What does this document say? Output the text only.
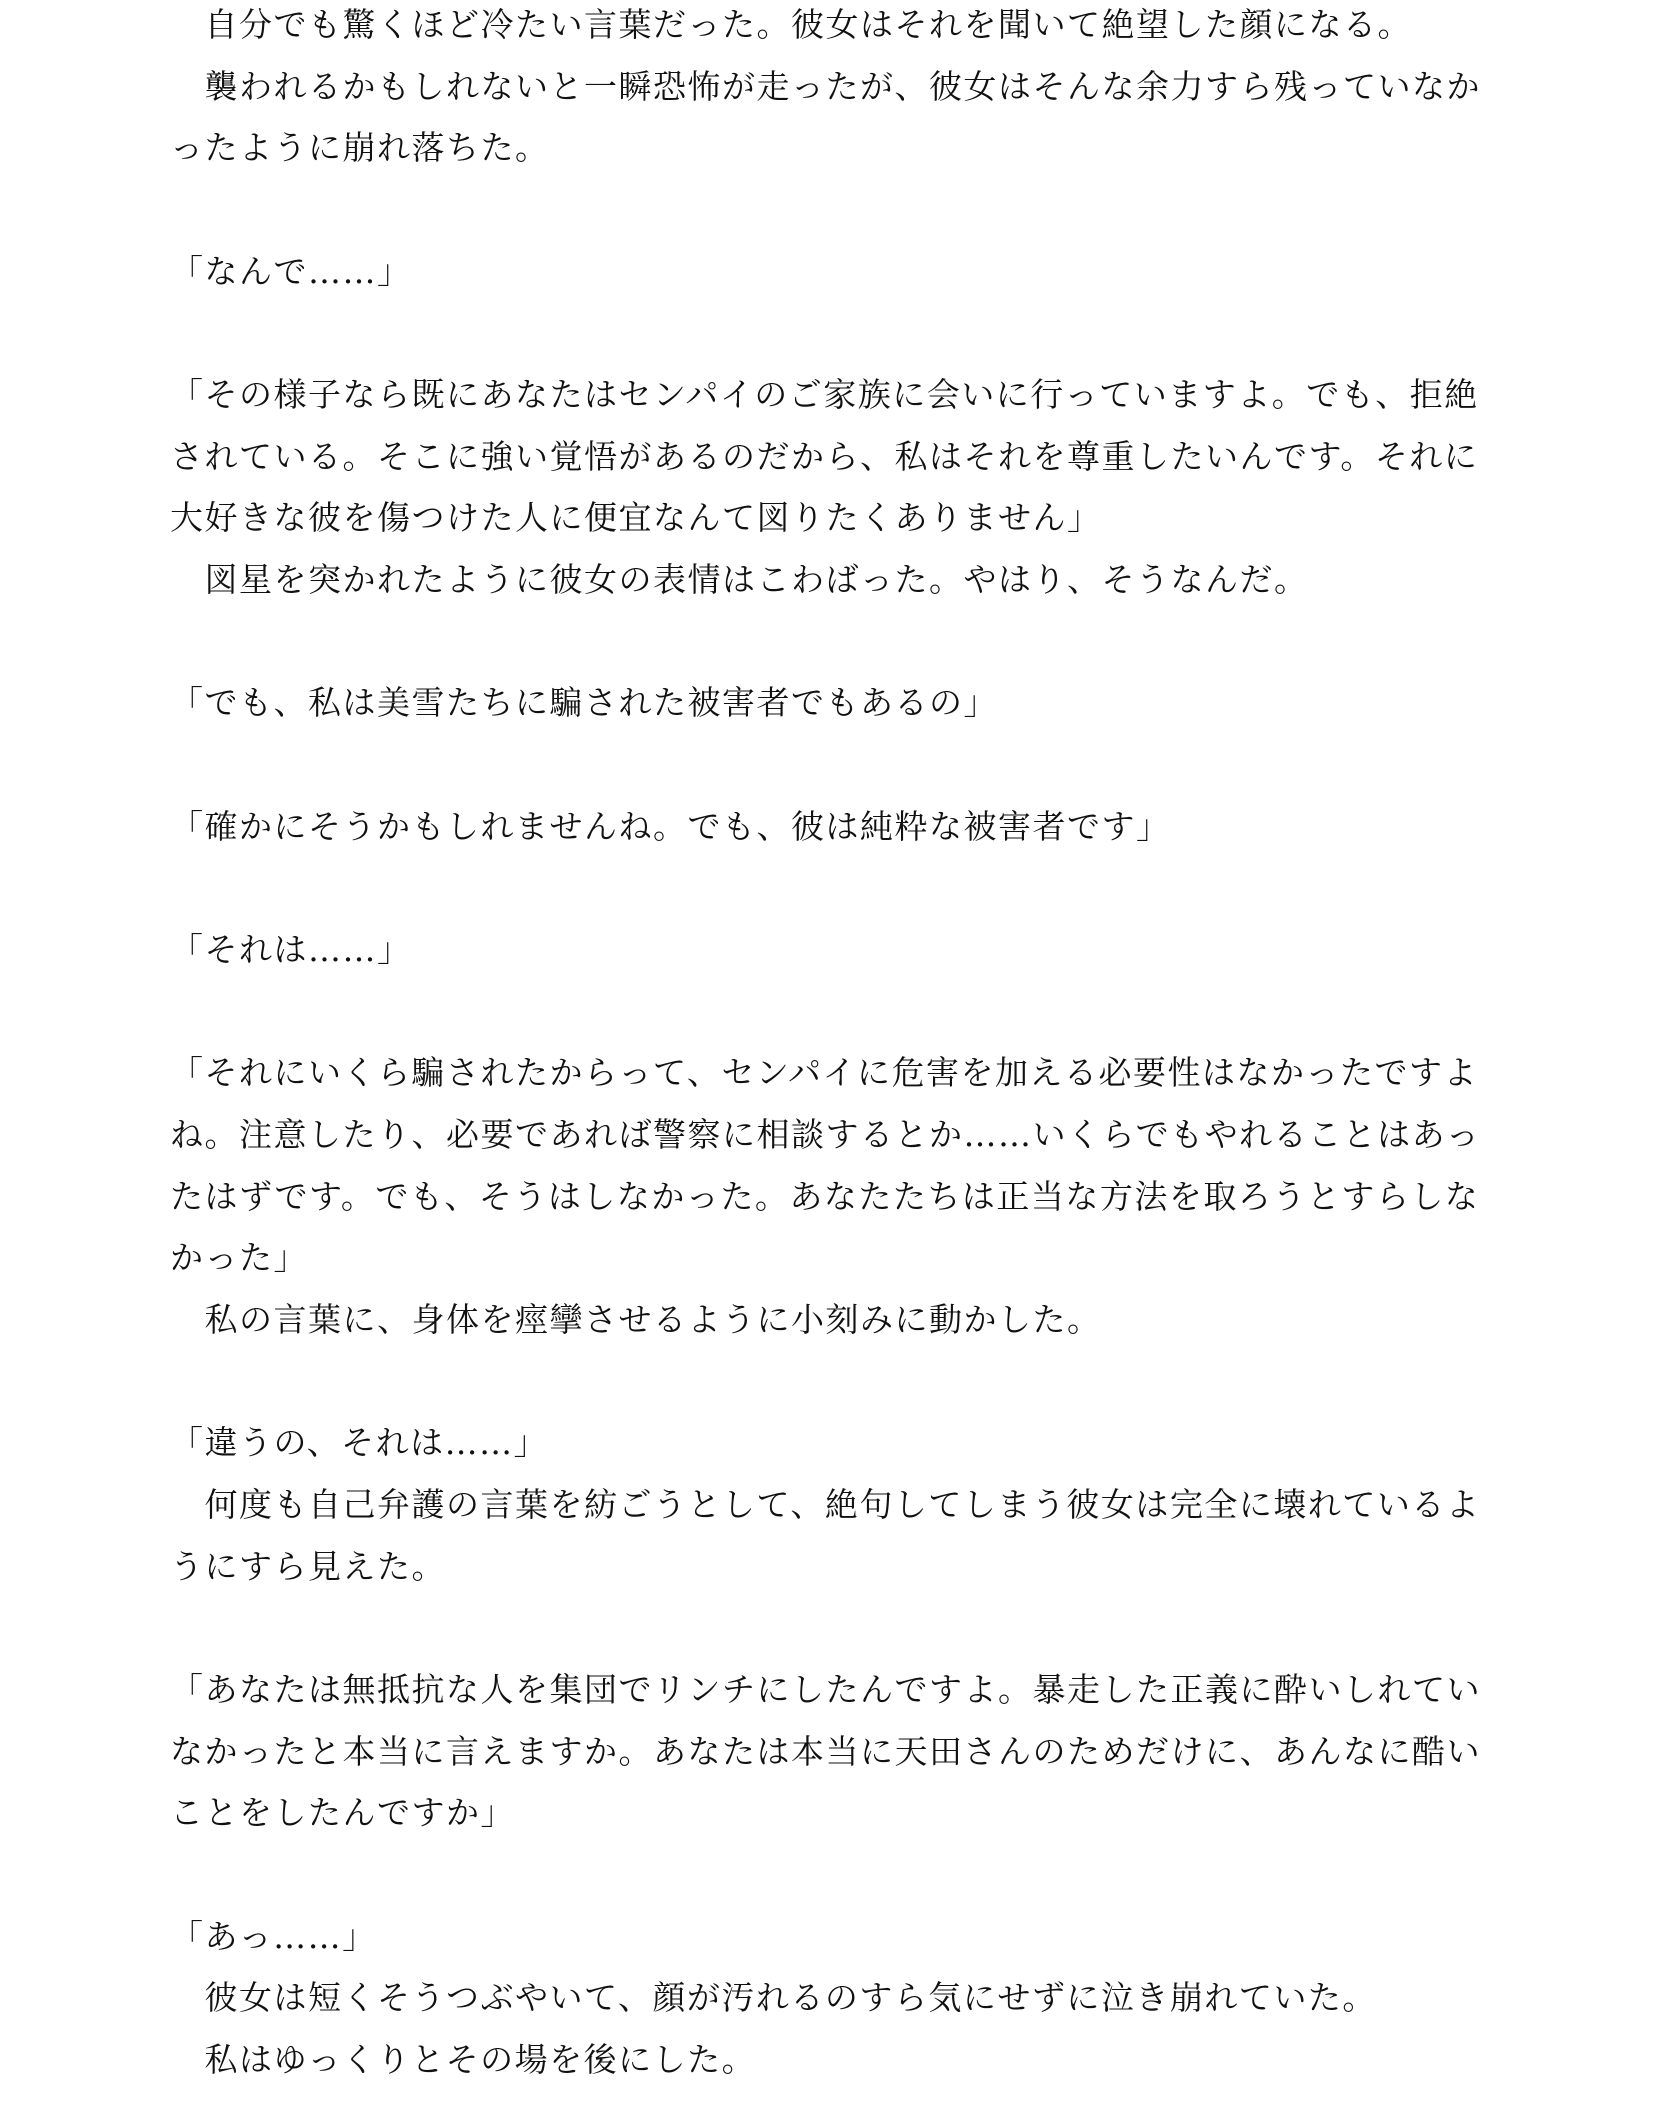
　自分でも驚くほど冷たい言葉だった。彼女はそれを聞いて絶望した顔になる。
　襲われるかもしれないと一瞬恐怖が走ったが、彼女はそんな余力すら残っていなか
ったように崩れ落ちた。
「なんで……」
「その様子なら既にあなたはセンパイのご家族に会いに行っていますよ。でも、拒絶
されている。そこに強い覚悟があるのだから、私はそれを尊重したいんです。それに
大好きな彼を傷つけた人に便宜なんて図りたくありません」
　図星を突かれたように彼女の表情はこわばった。やはり、そうなんだ。
「でも、私は美雪たちに騙された被害者でもあるの」
「確かにそうかもしれませんね。でも、彼は純粋な被害者です」
「それは……」
「それにいくら騙されたからって、センパイに危害を加える必要性はなかったですよ
ね。注意したり、必要であれば警察に相談するとか……いくらでもやれることはあっ
たはずです。でも、そうはしなかった。あなたたちは正当な方法を取ろうとすらしな
かった」
　私の言葉に、身体を痙攣させるように小刻みに動かした。
「違うの、それは……」
　何度も自己弁護の言葉を紡ごうとして、絶句してしまう彼女は完全に壊れているよ
うにすら見えた。
「あなたは無抵抗な人を集団でリンチにしたんですよ。暴走した正義に酔いしれてい
なかったと本当に言えますか。あなたは本当に天田さんのためだけに、あんなに酷い
ことをしたんですか」
「あっ……」
　彼女は短くそうつぶやいて、顔が汚れるのすら気にせずに泣き崩れていた。
　私はゆっくりとその場を後にした。
